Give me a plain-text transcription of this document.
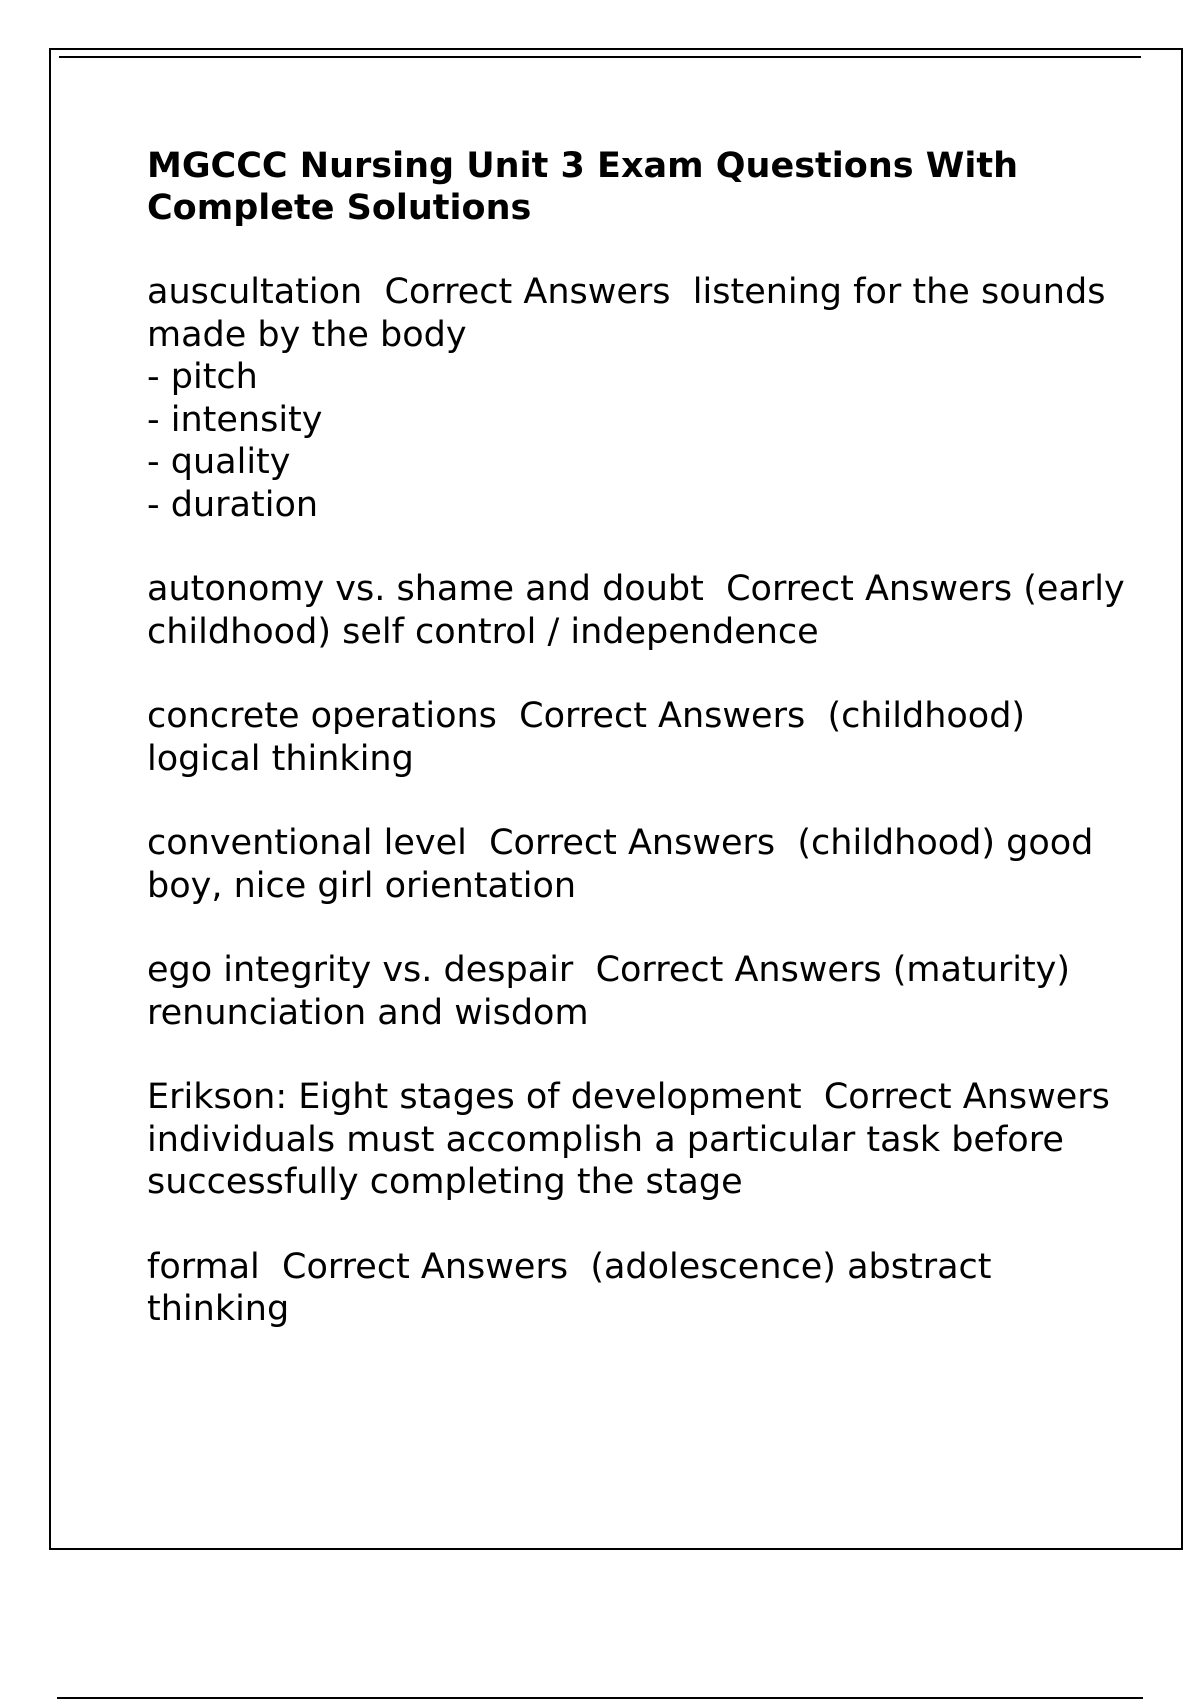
MGCCC Nursing Unit 3 Exam Questions With Complete Solutions
auscultation Correct Answers listening for the sounds made by the body
- pitch
- intensity
- quality
- duration
autonomy vs. shame and doubt Correct Answers (early childhood) self control / independence
concrete operations Correct Answers (childhood) logical thinking
conventional level Correct Answers (childhood) good boy, nice girl orientation
ego integrity vs. despair Correct Answers (maturity) renunciation and wisdom
Erikson: Eight stages of development Correct Answers  individuals must accomplish a particular task before successfully completing the stage
formal Correct Answers (adolescence) abstract thinking
